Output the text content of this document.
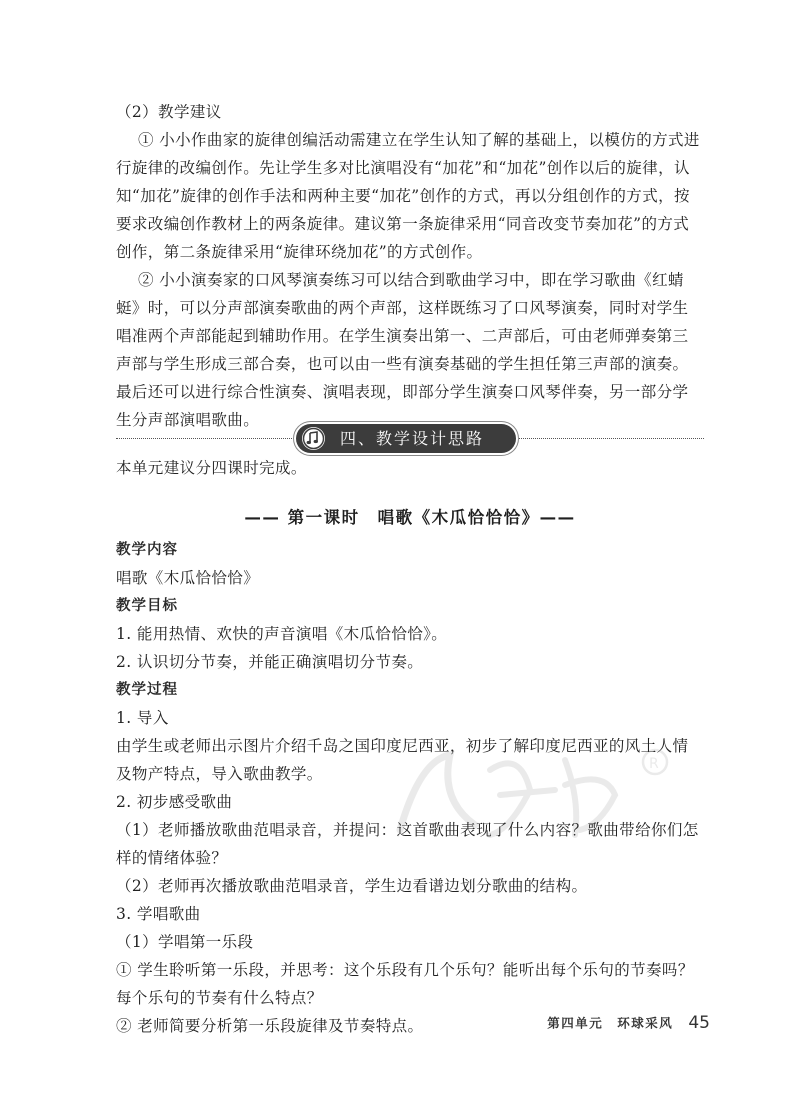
（2）教学建议

① 小小作曲家的旋律创编活动需建立在学生认知了解的基础上，以模仿的方式进行旋律的改编创作。先让学生多对比演唱没有“加花”和“加花”创作以后的旋律，认知“加花”旋律的创作手法和两种主要“加花”创作的方式，再以分组创作的方式，按要求改编创作教材上的两条旋律。建议第一条旋律采用“同音改变节奏加花”的方式创作，第二条旋律采用“旋律环绕加花”的方式创作。

② 小小演奏家的口风琴演奏练习可以结合到歌曲学习中，即在学习歌曲《红蜻蜓》时，可以分声部演奏歌曲的两个声部，这样既练习了口风琴演奏，同时对学生唱准两个声部能起到辅助作用。在学生演奏出第一、二声部后，可由老师弹奏第三声部与学生形成三部合奏，也可以由一些有演奏基础的学生担任第三声部的演奏。最后还可以进行综合性演奏、演唱表现，即部分学生演奏口风琴伴奏，另一部分学生分声部演唱歌曲。

四、教学设计思路

本单元建议分四课时完成。

—— 第一课时　唱歌《木瓜恰恰恰》——

教学内容

唱歌《木瓜恰恰恰》

教学目标

1. 能用热情、欢快的声音演唱《木瓜恰恰恰》。

2. 认识切分节奏，并能正确演唱切分节奏。

教学过程

1. 导入

由学生或老师出示图片介绍千岛之国印度尼西亚，初步了解印度尼西亚的风土人情及物产特点，导入歌曲教学。

2. 初步感受歌曲

（1）老师播放歌曲范唱录音，并提问：这首歌曲表现了什么内容？歌曲带给你们怎样的情绪体验？

（2）老师再次播放歌曲范唱录音，学生边看谱边划分歌曲的结构。

3. 学唱歌曲

（1）学唱第一乐段

① 学生聆听第一乐段，并思考：这个乐段有几个乐句？能听出每个乐句的节奏吗？每个乐句的节奏有什么特点？

② 老师简要分析第一乐段旋律及节奏特点。

R
第四单元　环球采风 45
